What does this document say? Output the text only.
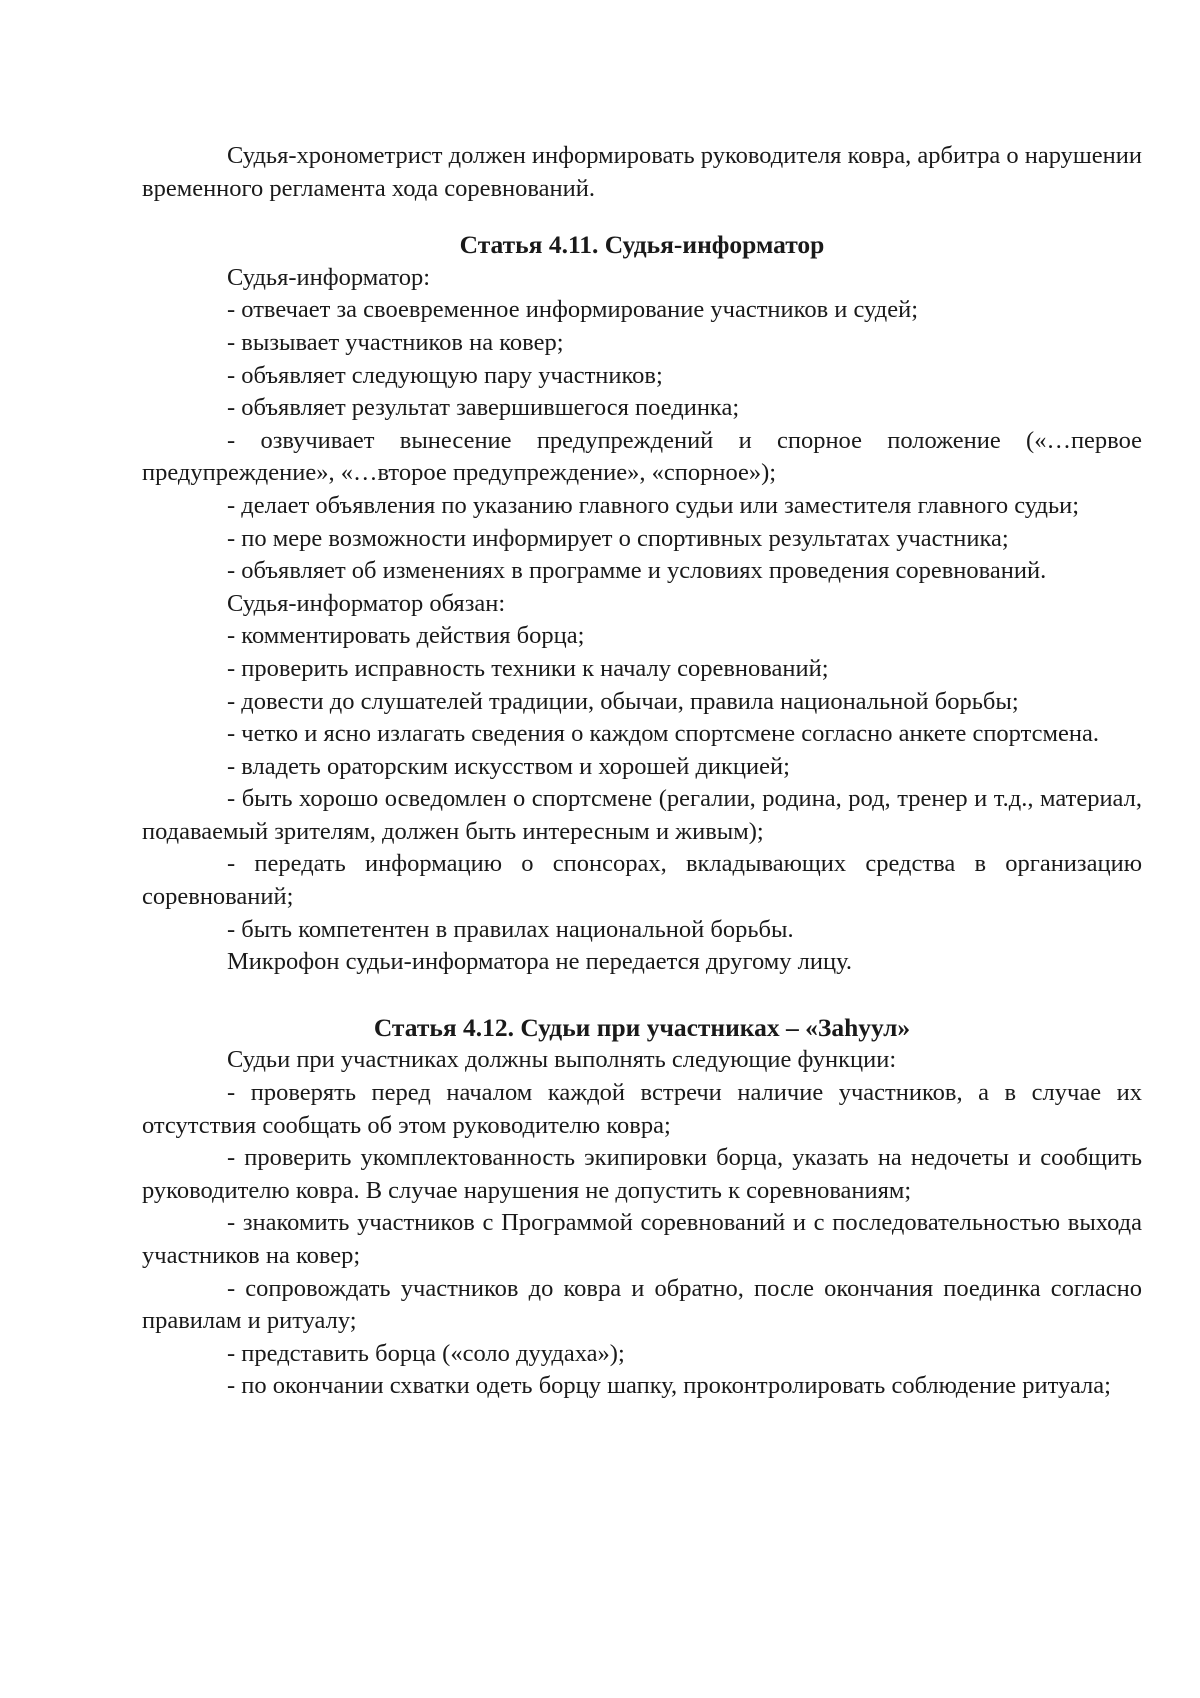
Судья-хронометрист должен информировать руководителя ковра, арбитра о нарушении временного регламента хода соревнований.

Статья 4.11. Судья-информатор

Судья-информатор:

- отвечает за своевременное информирование участников и судей;

- вызывает участников на ковер;

- объявляет следующую пару участников;

- объявляет результат завершившегося поединка;

- озвучивает вынесение предупреждений и спорное положение («…первое предупреждение», «…второе предупреждение», «спорное»);

- делает объявления по указанию главного судьи или заместителя главного судьи;

- по мере возможности информирует о спортивных результатах участника;

- объявляет об изменениях в программе и условиях проведения соревнований.

Судья-информатор обязан:

- комментировать действия борца;

- проверить исправность техники к началу соревнований;

- довести до слушателей традиции, обычаи, правила национальной борьбы;

- четко и ясно излагать сведения о каждом спортсмене согласно анкете спортсмена.

- владеть ораторским искусством и хорошей дикцией;

- быть хорошо осведомлен о спортсмене (регалии, родина, род, тренер и т.д., материал, подаваемый зрителям, должен быть интересным и живым);

- передать информацию о спонсорах, вкладывающих средства в организацию соревнований;

- быть компетентен в правилах национальной борьбы.

Микрофон судьи-информатора не передается другому лицу.

Статья 4.12. Судьи при участниках – «Заhуул»

Судьи при участниках должны выполнять следующие функции:

- проверять перед началом каждой встречи наличие участников, а в случае их отсутствия сообщать об этом руководителю ковра;

- проверить укомплектованность экипировки борца, указать на недочеты и сообщить руководителю ковра. В случае нарушения не допустить к соревнованиям;

- знакомить участников с Программой соревнований и с последовательностью выхода участников на ковер;

- сопровождать участников до ковра и обратно, после окончания поединка согласно правилам и ритуалу;

- представить борца («соло дуудаха»);

- по окончании схватки одеть борцу шапку, проконтролировать соблюдение ритуала;
